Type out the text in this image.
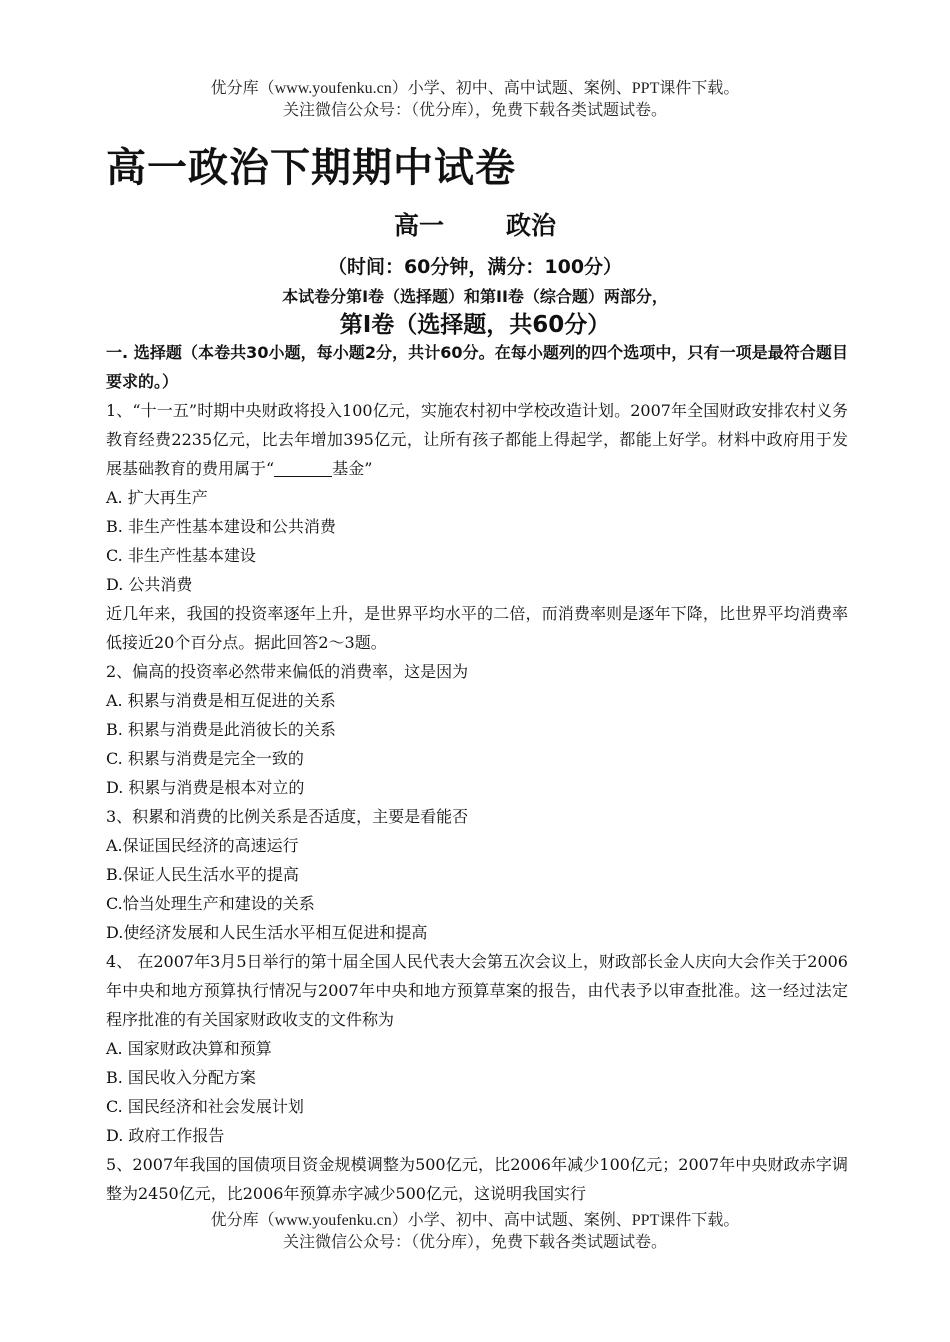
优分库（www.youfenku.cn）小学、初中、高中试题、案例、PPT课件下载。
关注微信公众号：（优分库），免费下载各类试题试卷。
高一政治下期期中试卷
高一 政治
（时间：60分钟，满分：100分）
本试卷分第I卷（选择题）和第II卷（综合题）两部分，
第I卷（选择题，共60分）

一. 选择题（本卷共30小题，每小题2分，共计60分。在每小题列的四个选项中，只有一项是最符合题目要求的。）

1、“十一五”时期中央财政将投入100亿元，实施农村初中学校改造计划。2007年全国财政安排农村义务教育经费2235亿元，比去年增加395亿元，让所有孩子都能上得起学，都能上好学。材料中政府用于发展基础教育的费用属于“	基金”

A. 扩大再生产

B. 非生产性基本建设和公共消费

C. 非生产性基本建设

D. 公共消费

近几年来，我国的投资率逐年上升，是世界平均水平的二倍，而消费率则是逐年下降，比世界平均消费率低接近20个百分点。据此回答2～3题。

2、偏高的投资率必然带来偏低的消费率，这是因为

A. 积累与消费是相互促进的关系

B. 积累与消费是此消彼长的关系

C. 积累与消费是完全一致的

D. 积累与消费是根本对立的

3、积累和消费的比例关系是否适度，主要是看能否

A.保证国民经济的高速运行

B.保证人民生活水平的提高

C.恰当处理生产和建设的关系

D.使经济发展和人民生活水平相互促进和提高

4、 在2007年3月5日举行的第十届全国人民代表大会第五次会议上，财政部长金人庆向大会作关于2006年中央和地方预算执行情况与2007年中央和地方预算草案的报告，由代表予以审查批准。这一经过法定程序批准的有关国家财政收支的文件称为

A. 国家财政决算和预算

B. 国民收入分配方案

C. 国民经济和社会发展计划

D. 政府工作报告

5、2007年我国的国债项目资金规模调整为500亿元，比2006年减少100亿元；2007年中央财政赤字调整为2450亿元，比2006年预算赤字减少500亿元，这说明我国实行

优分库（www.youfenku.cn）小学、初中、高中试题、案例、PPT课件下载。
关注微信公众号：（优分库），免费下载各类试题试卷。
